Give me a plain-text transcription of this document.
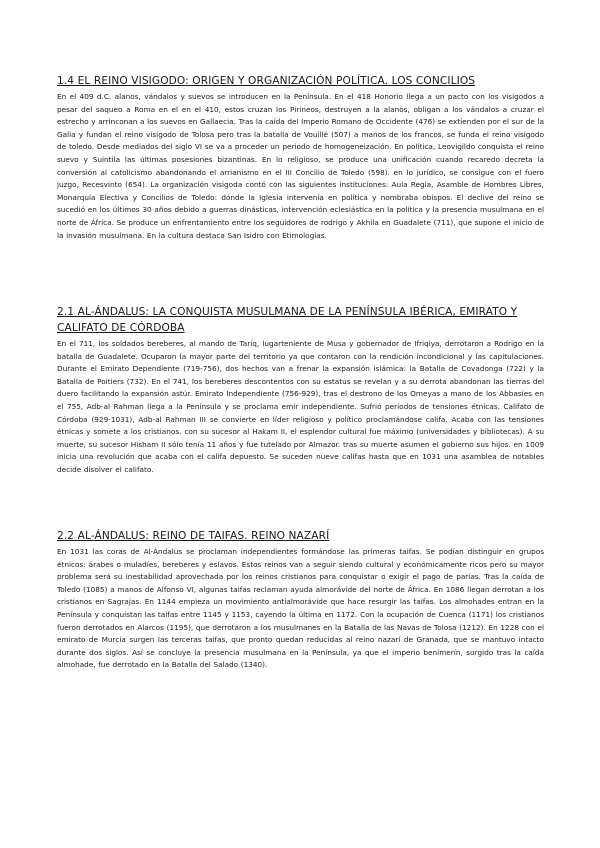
1.4 EL REINO VISIGODO: ORIGEN Y ORGANIZACIÓN POLÍTICA. LOS CONCILIOS

En el 409 d.C. alanos, vándalos y suevos se introducen en la Península. En el 418 Honorio llega a un pacto con los visigodos a pesar del saqueo a Roma en el en el 410, estos cruzan los Pirineos, destruyen a la alanos, obligan a los vándalos a cruzar el estrecho y arrinconan a los suevos en Gallaecia. Tras la caída del Imperio Romano de Occidente (476) se extienden por el sur de la Galia y fundan el reino visigodo de Tolosa pero tras la batalla de Vouillé (507) a manos de los francos, se funda el reino visigodo de toledo. Desde mediados del siglo VI se va a proceder un periodo de homogeneización. En política, Leovigildo conquista el reino suevo y Suintila las últimas posesiones bizantinas. En lo religioso, se produce una unificación cuando recaredo decreta la conversión al catolicismo abandonando el arrianismo en el III Concilio de Toledo (598). en lo jurídico, se consigue con el fuero juzgo, Recesvinto (654). La organización visigoda contó con las siguientes instituciones: Aula Regia, Asamble de Hombres Libres, Monarquía Electiva y Concilios de Toledo: dónde la Iglesia intervenía en política y nombraba obispos. El declive del reino se sucedió en los últimos 30 años debido a guerras dinásticas, intervención eclesiástica en la política y la presencia musulmana en el norte de África. Se produce un enfrentamiento entre los seguidores de rodrigo y Akhila en Guadalete (711), que supone el inicio de la invasión musulmana. En la cultura destaca San Isidro con Etimologías.

2.1 AL-ÁNDALUS: LA CONQUISTA MUSULMANA DE LA PENÍNSULA IBÉRICA, EMIRATO Y CALIFATO DE CÓRDOBA

En el 711, los soldados bereberes, al mando de Tariq, lugarteniente de Musa y gobernador de Ifriqiya, derrotaron a Rodrigo en la batalla de Guadalete. Ocuparon la mayor parte del territorio ya que contaron con la rendición incondicional y las capitulaciones. Durante el Emirato Dependiente (719-756), dos hechos van a frenar la expansión islámica: la Batalla de Covadonga (722) y la Batalla de Poitiers (732). En el 741, los bereberes descontentos con su estatus se revelan y a su derrota abandonan las tierras del duero facilitando la expansión astúr. Emirato Independiente (756-929), tras el destrono de los Omeyas a mano de los Abbasíes en el 755, Adb-al Rahman llega a la Península y se proclama emir independiente. Sufrió períodos de tensiones étnicas. Califato de Córdoba (929-1031), Adb-al Rahman III se convierte en líder religioso y político proclamándose califa. Acaba con las tensiones étnicas y somete a los cristianos. con su sucesor al Hakam II, el esplendor cultural fue máximo (universidades y bibliotecas). A su muerte, su sucesor Hisham II sólo tenía 11 años y fue tutelado por Almazor. tras su muerte asumen el gobierno sus hijos. en 1009 inicia una revolución que acaba con el califa depuesto. Se suceden nueve califas hasta que en 1031 una asamblea de notables decide disolver el califato.

2.2 AL-ÁNDALUS: REINO DE TAIFAS. REINO NAZARÍ

En 1031 las coras de Al-Ándalus se proclaman independientes formándose las primeras taifas. Se podían distinguir en grupos étnicos: árabes o muladíes, bereberes y eslavos. Estos reinos van a seguir siendo cultural y económicamente ricos pero su mayor problema será su inestabilidad aprovechada por los reinos cristianos para conquistar o exigir el pago de parias. Tras la caída de Toledo (1085) a manos de Alfonso VI, algunas taifas reclaman ayuda almorávide del norte de África. En 1086 llegan derrotan a los cristianos en Sagrajas. En 1144 empieza un movimiento antialmorávide que hace resurgir las taifas. Los almohades entran en la Península y conquistan las taifas entre 1145 y 1153, cayendo la última en 1172. Con la ocupación de Cuenca (1171) los cristianos fueron derrotados en Alarcos (1195), que derrotaron a los musulmanes en la Batalla de las Navas de Tolosa (1212). En 1228 con el emirato de Murcia surgen las terceras taifas, que pronto quedan reducidas al reino nazarí de Granada, que se mantuvo intacto durante dos siglos. Así se concluye la presencia musulmana en la Península, ya que el imperio benimerín, surgido tras la caída almohade, fue derrotado en la Batalla del Salado (1340).
